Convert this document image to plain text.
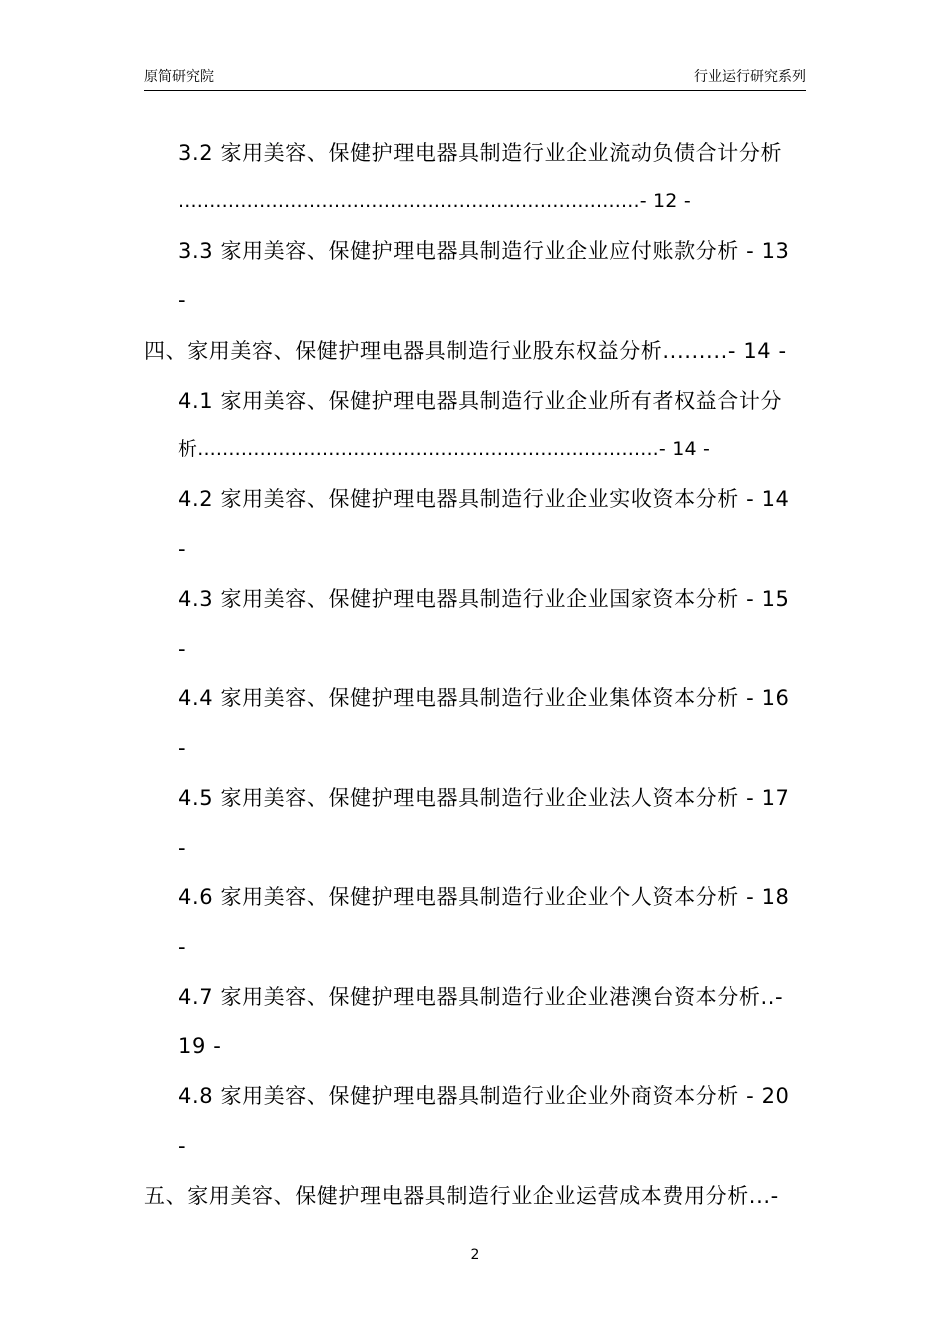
原简研究院	行业运行研究系列
3.2 家用美容、保健护理电器具制造行业企业流动负债合计分析
..........................................................................- 12 -
3.3 家用美容、保健护理电器具制造行业企业应付账款分析 - 13
-
四、家用美容、保健护理电器具制造行业股东权益分析.........- 14 -
4.1 家用美容、保健护理电器具制造行业企业所有者权益合计分
析..........................................................................- 14 -
4.2 家用美容、保健护理电器具制造行业企业实收资本分析 - 14
-
4.3 家用美容、保健护理电器具制造行业企业国家资本分析 - 15
-
4.4 家用美容、保健护理电器具制造行业企业集体资本分析 - 16
-
4.5 家用美容、保健护理电器具制造行业企业法人资本分析 - 17
-
4.6 家用美容、保健护理电器具制造行业企业个人资本分析 - 18
-
4.7 家用美容、保健护理电器具制造行业企业港澳台资本分析..-
19 -
4.8 家用美容、保健护理电器具制造行业企业外商资本分析 - 20
-
五、家用美容、保健护理电器具制造行业企业运营成本费用分析...-
2
